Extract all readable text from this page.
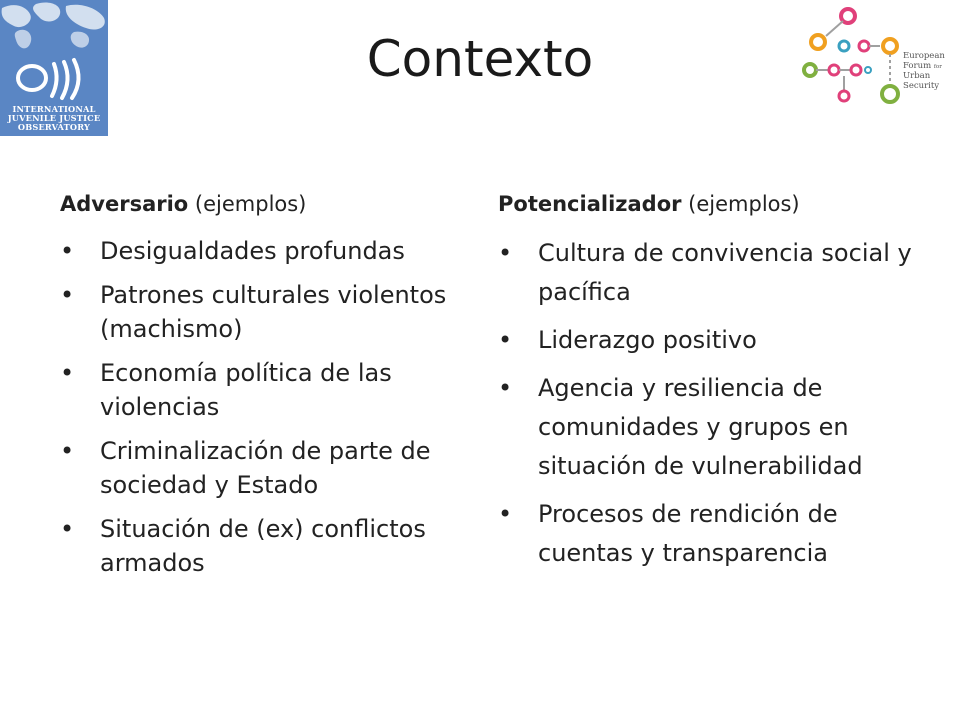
INTERNATIONAL
JUVENILE JUSTICE
OBSERVATORY
Contexto	European
Forum for
Urban
Security
Adversario (ejemplos)
• Desigualdades profundas
• Patrones culturales violentos (machismo)
• Economía política de las violencias
• Criminalización de parte de sociedad y Estado
• Situación de (ex) conflictos armados
Potencializador (ejemplos)
• Cultura de convivencia social y pacífica
• Liderazgo positivo
• Agencia y resiliencia de comunidades y grupos en situación de vulnerabilidad
• Procesos de rendición de cuentas y transparencia
